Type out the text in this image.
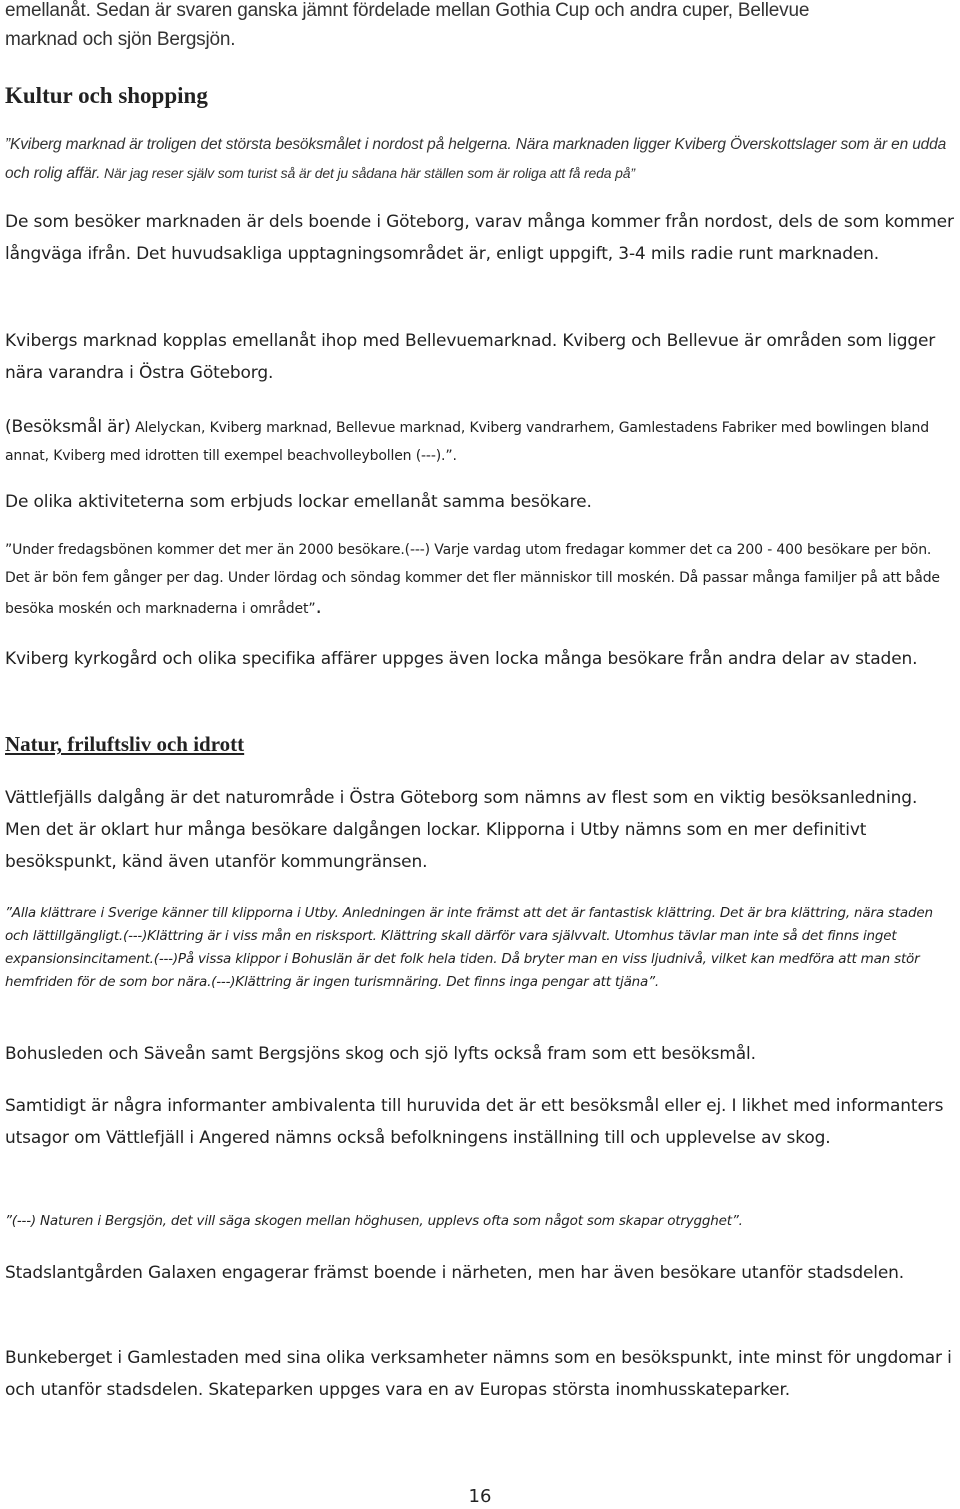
emellanåt. Sedan är svaren ganska jämnt fördelade mellan Gothia Cup och andra cuper, Bellevue
marknad och sjön Bergsjön.

Kultur och shopping

”Kviberg marknad är troligen det största besöksmålet i nordost på helgerna. Nära marknaden ligger Kviberg Överskottslager som är en udda och rolig affär. När jag reser själv som turist så är det ju sådana här ställen som är roliga att få reda på”

De som besöker marknaden är dels boende i Göteborg, varav många kommer från nordost, dels de som kommer långväga ifrån. Det huvudsakliga upptagningsområdet är, enligt uppgift, 3-4 mils radie runt marknaden.

Kvibergs marknad kopplas emellanåt ihop med Bellevuemarknad. Kviberg och Bellevue är områden som ligger nära varandra i Östra Göteborg.

(Besöksmål är) Alelyckan, Kviberg marknad, Bellevue marknad, Kviberg vandrarhem, Gamlestadens Fabriker med bowlingen bland annat, Kviberg med idrotten till exempel beachvolleybollen (---).”.

De olika aktiviteterna som erbjuds lockar emellanåt samma besökare.

”Under fredagsbönen kommer det mer än 2000 besökare.(---) Varje vardag utom fredagar kommer det ca 200 - 400 besökare per bön. Det är bön fem gånger per dag. Under lördag och söndag kommer det fler människor till moskén. Då passar många familjer på att både besöka moskén och marknaderna i området”.

Kviberg kyrkogård och olika specifika affärer uppges även locka många besökare från andra delar av staden.

Natur, friluftsliv och idrott

Vättlefjälls dalgång är det naturområde i Östra Göteborg som nämns av flest som en viktig besöksanledning. Men det är oklart hur många besökare dalgången lockar. Klipporna i Utby nämns som en mer definitivt besökspunkt, känd även utanför kommungränsen.

”Alla klättrare i Sverige känner till klipporna i Utby. Anledningen är inte främst att det är fantastisk klättring. Det är bra klättring, nära staden och lättillgängligt.(---)Klättring är i viss mån en risksport. Klättring skall därför vara självvalt. Utomhus tävlar man inte så det finns inget expansionsincitament.(---)På vissa klippor i Bohuslän är det folk hela tiden. Då bryter man en viss ljudnivå, vilket kan medföra att man stör hemfriden för de som bor nära.(---)Klättring är ingen turismnäring. Det finns inga pengar att tjäna”.

Bohusleden och Säveån samt Bergsjöns skog och sjö lyfts också fram som ett besöksmål.

Samtidigt är några informanter ambivalenta till huruvida det är ett besöksmål eller ej. I likhet med informanters utsagor om Vättlefjäll i Angered nämns också befolkningens inställning till och upplevelse av skog.

”(---) Naturen i Bergsjön, det vill säga skogen mellan höghusen, upplevs ofta som något som skapar otrygghet”.

Stadslantgården Galaxen engagerar främst boende i närheten, men har även besökare utanför stadsdelen.

Bunkeberget i Gamlestaden med sina olika verksamheter nämns som en besökspunkt, inte minst för ungdomar i och utanför stadsdelen. Skateparken uppges vara en av Europas största inomhusskateparker.

16
